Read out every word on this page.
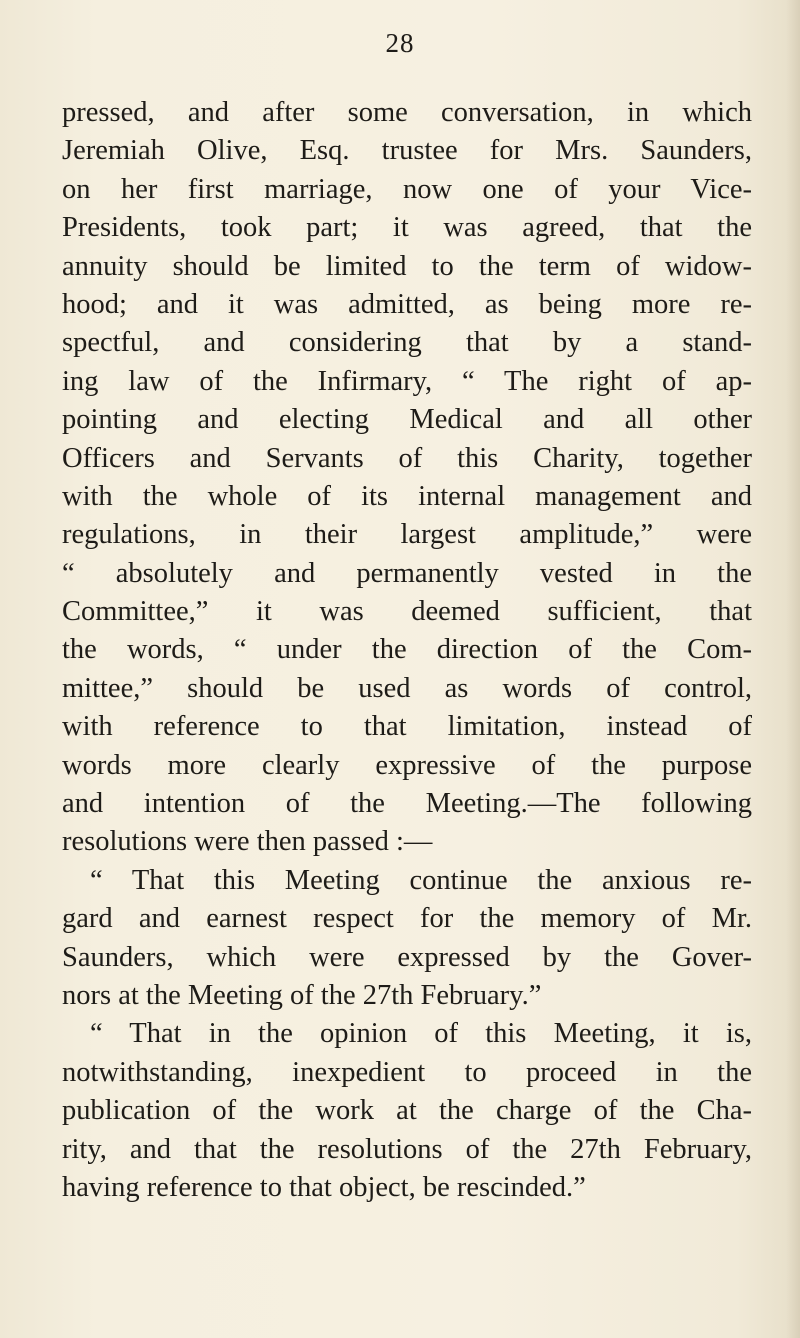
28
pressed, and after some conversation, in which
Jeremiah Olive, Esq. trustee for Mrs. Saunders,
on her first marriage, now one of your Vice-
Presidents, took part; it was agreed, that the
annuity should be limited to the term of widow-
hood; and it was admitted, as being more re-
spectful, and considering that by a stand-
ing law of the Infirmary, “ The right of ap-
pointing and electing Medical and all other
Officers and Servants of this Charity, together
with the whole of its internal management and
regulations, in their largest amplitude,” were
“ absolutely and permanently vested in the
Committee,” it was deemed sufficient, that
the words, “ under the direction of the Com-
mittee,” should be used as words of control,
with reference to that limitation, instead of
words more clearly expressive of the purpose
and intention of the Meeting.—The following
resolutions were then passed :—
“ That this Meeting continue the anxious re-
gard and earnest respect for the memory of Mr.
Saunders, which were expressed by the Gover-
nors at the Meeting of the 27th February.”
“ That in the opinion of this Meeting, it is,
notwithstanding, inexpedient to proceed in the
publication of the work at the charge of the Cha-
rity, and that the resolutions of the 27th February,
having reference to that object, be rescinded.”
